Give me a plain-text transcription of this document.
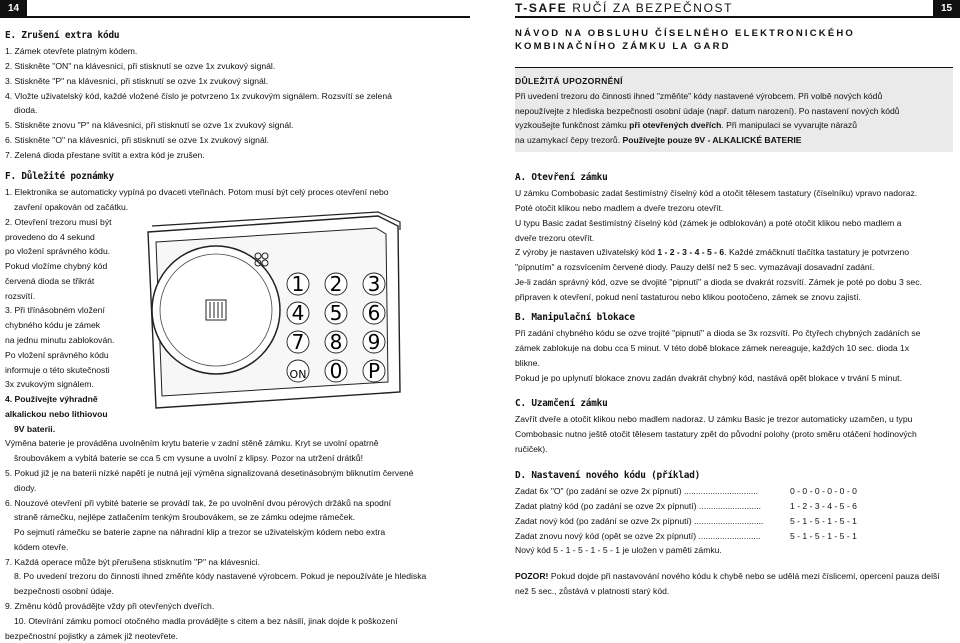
14	15
T-SAFE RUČÍ ZA BEZPEČNOST
E. Zrušení extra kódu
1. Zámek otevřete platným kódem.
2. Stiskněte "ON" na klávesnici, při stisknutí se ozve 1x zvukový signál.
3. Stiskněte "P" na klávesnici, při stisknutí se ozve 1x zvukový signál.
4. Vložte uživatelský kód, každé vložené číslo je potvrzeno 1x zvukovým signálem. Rozsvítí se zelená
dioda.
5. Stiskněte znovu "P" na klávesnici, při stisknutí se ozve 1x zvukový signál.
6. Stiskněte "O" na klávesnici, při stisknutí se ozve 1x zvukový signál.
7. Zelená dioda přestane svítit a extra kód je zrušen.
F. Důležité poznámky
1. Elektronika se automaticky vypíná po dvaceti vteřinách. Potom musí být celý proces otevření nebo
zavření opakován od začátku.
2. Otevření trezoru musí být
provedeno do 4 sekund
po vložení správného kódu.
Pokud vložíme chybný kód
červená dioda se třikrát
rozsvítí.
3. Při třínásobném vložení
chybného kódu je zámek
na jednu minutu zablokován.
Po vložení správného kódu
informuje o této skutečnosti
3x zvukovým signálem.
4. Používejte výhradně
alkalickou nebo lithiovou
9V baterii.
Výměna baterie je prováděna uvolněním krytu baterie v zadní stěně zámku. Kryt se uvolní opatrně
šroubovákem a vybitá baterie se cca 5 cm vysune a uvolní z klipsy. Pozor na utržení drátků!
5. Pokud již je na baterii nízké napětí je nutná její výměna signalizovaná desetinásobným bliknutím červené
diody.
6. Nouzové otevření při vybité baterie se provádí tak, že po uvolnění dvou pérových držáků na spodní
straně rámečku, nejlépe zatlačením tenkým šroubovákem, se ze zámku odejme rámeček.
Po sejmutí rámečku se baterie zapne na náhradní klip a trezor se uživatelským kódem nebo extra
kódem otevře.
7. Každá operace může být přerušena stisknutím "P" na klávesnici.
8. Po uvedení trezoru do činnosti ihned změňte kódy nastavené výrobcem. Pokud je nepoužíváte je hlediska
bezpečnosti osobní údaje.
9. Změnu kódů provádějte vždy při otevřených dveřích.
10. Otevírání zámku pomocí otočného madla provádějte s citem a bez násilí, jinak dojde k poškození
bezpečnostní pojistky a zámek již neotevřete.
1 2 3
4 5 6
7 8 9
ON 0 P
NÁVOD NA OBSLUHU ČÍSELNÉHO ELEKTRONICKÉHO KOMBINAČNÍHO ZÁMKU LA GARD
DŮLEŽITÁ UPOZORNĚNÍ
Při uvedení trezoru do činnosti ihned "změňte" kódy nastavené výrobcem. Při volbě nových kódů
nepoužívejte z hlediska bezpečnosti osobní údaje (např. datum narození). Po nastavení nových kódů
vyzkoušejte funkčnost zámku při otevřených dveřích. Při manipulaci se vyvarujte nárazů
na uzamykací čepy trezorů. Používejte pouze 9V - ALKALICKÉ BATERIE
A. Otevření zámku
U zámku Combobasic zadat šestimístný číselný kód a otočit tělesem tastatury (číselníku) vpravo nadoraz.
Poté otočit klikou nebo madlem a dveře trezoru otevřít.
U typu Basic zadat šestimístný číselný kód (zámek je odblokován) a poté otočit klikou nebo madlem a
dveře trezoru otevřít.
Z výroby je nastaven uživatelský kód 1 - 2 - 3 - 4 - 5 - 6. Každé zmáčknutí tlačítka tastatury je potvrzeno
"pípnutím" a rozsvícením červené diody. Pauzy delší než 5 sec. vymazávají dosavadní zadání.
Je-li zadán správný kód, ozve se dvojité "pipnutí" a dioda se dvakrát rozsvítí. Zámek je poté po dobu 3 sec.
připraven k otevření, pokud není tastaturou nebo klikou pootočeno, zámek se znovu zajistí.
B. Manipulační blokace
Při zadání chybného kódu se ozve trojité "pipnutí" a dioda se 3x rozsvítí. Po čtyřech chybných zadáních se
zámek zablokuje na dobu cca 5 minut. V této době blokace zámek nereaguje, každých 10 sec. dioda 1x
blikne.
Pokud je po uplynutí blokace znovu zadán dvakrát chybný kód, nastává opět blokace v trvání 5 minut.
C. Uzamčení zámku
Zavřít dveře a otočit klikou nebo madlem nadoraz. U zámku Basic je trezor automaticky uzamčen, u typu
Combobasic nutno ještě otočit tělesem tastatury zpět do původní polohy (proto směru otáčení hodinových
ručiček).
D. Nastavení nového kódu (příklad)
Zadat 6x "O" (po zadání se ozve 2x pípnutí) ...............................	0 - 0 - 0 - 0 - 0 - 0
Zadat platný kód (po zadání se ozve 2x pípnutí) ..........................	1 - 2 - 3 - 4 - 5 - 6
Zadat nový kód (po zadání se ozve 2x pípnutí) .............................	5 - 1 - 5 - 1 - 5 - 1
Zadat znovu nový kód (opět se ozve 2x pípnutí) ..........................	5 - 1 - 5 - 1 - 5 - 1
Nový kód 5 - 1 - 5 - 1 - 5 - 1 je uložen v paměti zámku.
POZOR! Pokud dojde při nastavování nového kódu k chybě nebo se udělá mezi číslicemi, opercení pauza delší než 5 sec., zůstává v platnosti starý kód.
